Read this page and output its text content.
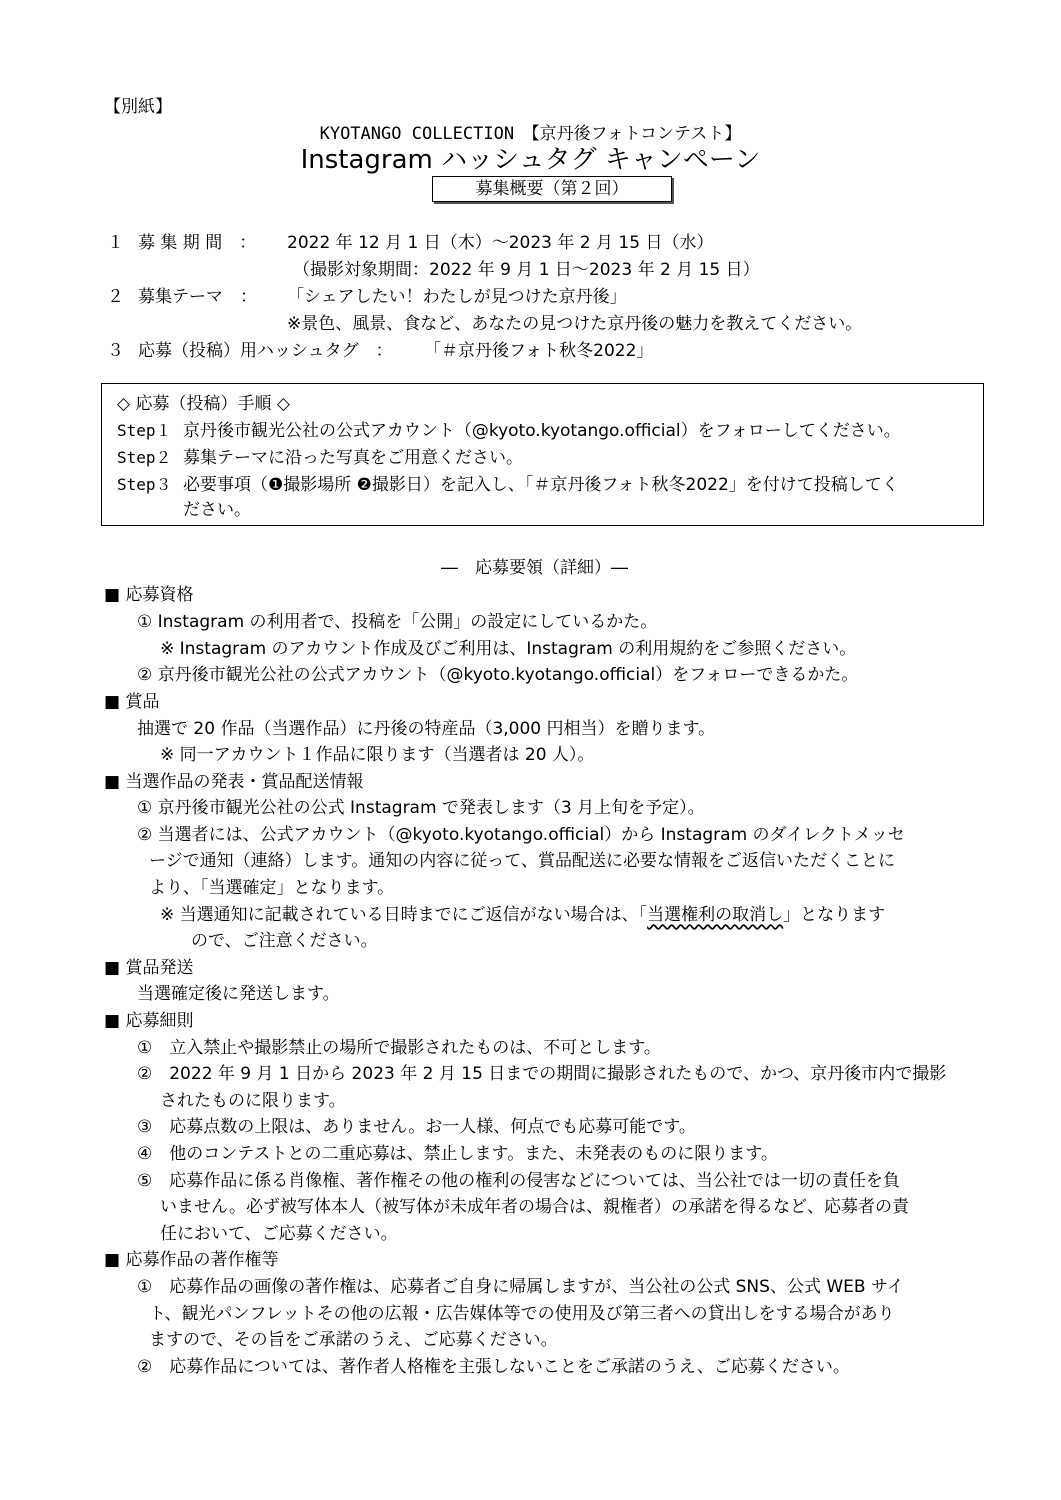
【別紙】
KYOTANGO COLLECTION　【京丹後フォトコンテスト】
Instagram ハッシュタグ キャンペーン
募集概要（第２回）
１ 募 集 期 間　： 2022 年 12 月 1 日（木）～2023 年 2 月 15 日（水）
（撮影対象期間：2022 年 9 月 1 日～2023 年 2 月 15 日）
２ 募集テーマ　： 「シェアしたい！わたしが見つけた京丹後」
※景色、風景、食など、あなたの見つけた京丹後の魅力を教えてください。
３ 応募（投稿）用ハッシュタグ　： 「＃京丹後フォト秋冬2022」
◇ 応募（投稿）手順 ◇
Step１ 京丹後市観光公社の公式アカウント（@kyoto.kyotango.official）をフォローしてください。
Step２ 募集テーマに沿った写真をご用意ください。
Step３ 必要事項（❶撮影場所 ❷撮影日）を記入し、「＃京丹後フォト秋冬2022」を付けて投稿してく
ださい。
―　応募要領（詳細）―
■ 応募資格
① Instagram の利用者で、投稿を「公開」の設定にしているかた。
※ Instagram のアカウント作成及びご利用は、Instagram の利用規約をご参照ください。
② 京丹後市観光公社の公式アカウント（@kyoto.kyotango.official）をフォローできるかた。
■ 賞品
抽選で 20 作品（当選作品）に丹後の特産品（3,000 円相当）を贈ります。
※ 同一アカウント１作品に限ります（当選者は 20 人）。
■ 当選作品の発表・賞品配送情報
① 京丹後市観光公社の公式 Instagram で発表します（3 月上旬を予定）。
② 当選者には、公式アカウント（@kyoto.kyotango.official）から Instagram のダイレクトメッセ
ージで通知（連絡）します。通知の内容に従って、賞品配送に必要な情報をご返信いただくことに
より、「当選確定」となります。
※ 当選通知に記載されている日時までにご返信がない場合は、「当選権利の取消し」となります
ので、ご注意ください。
■ 賞品発送
当選確定後に発送します。
■ 応募細則
①　立入禁止や撮影禁止の場所で撮影されたものは、不可とします。
②　2022 年 9 月 1 日から 2023 年 2 月 15 日までの期間に撮影されたもので、かつ、京丹後市内で撮影
されたものに限ります。
③　応募点数の上限は、ありません。お一人様、何点でも応募可能です。
④　他のコンテストとの二重応募は、禁止します。また、未発表のものに限ります。
⑤　応募作品に係る肖像権、著作権その他の権利の侵害などについては、当公社では一切の責任を負
いません。必ず被写体本人（被写体が未成年者の場合は、親権者）の承諾を得るなど、応募者の責
任において、ご応募ください。
■ 応募作品の著作権等
①　応募作品の画像の著作権は、応募者ご自身に帰属しますが、当公社の公式 SNS、公式 WEB サイ
ト、観光パンフレットその他の広報・広告媒体等での使用及び第三者への貸出しをする場合があり
ますので、その旨をご承諾のうえ、ご応募ください。
②　応募作品については、著作者人格権を主張しないことをご承諾のうえ、ご応募ください。
